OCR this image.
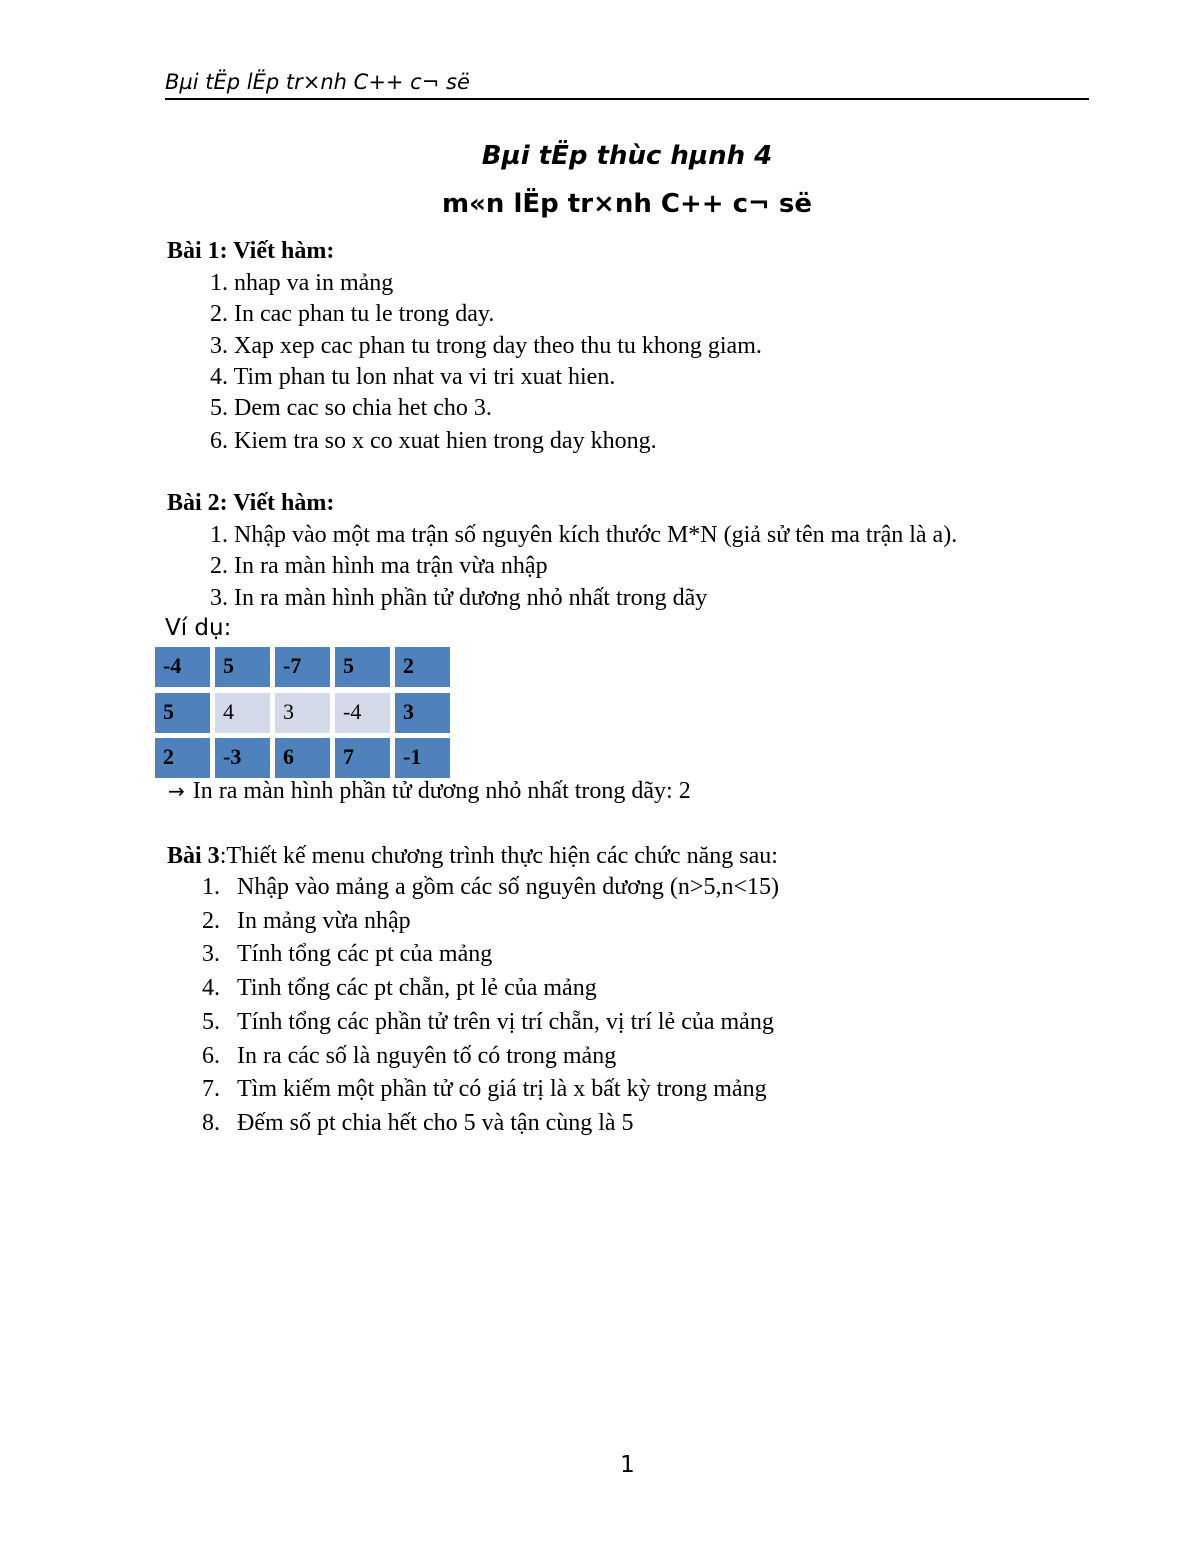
Bµi tËp lËp tr×nh C++ c¬ së
Bµi tËp thùc hµnh 4
m«n lËp tr×nh C++ c¬ së
Bài 1: Viết hàm:
1. nhap va in mảng
2. In cac phan tu le trong day.
3. Xap xep cac phan tu trong day theo thu tu khong giam.
4. Tim phan tu lon nhat va vi tri xuat hien.
5. Dem cac so chia het cho 3.
6. Kiem tra so x co xuat hien trong day khong.
Bài 2: Viết hàm:
1. Nhập vào một ma trận số nguyên kích thước M*N (giả sử tên ma trận là a).
2. In ra màn hình ma trận vừa nhập
3. In ra màn hình phần tử dương nhỏ nhất trong dãy
Ví dụ:
-4	5	-7	5	2
5	4	3	-4	3
2	-3	6	7	-1
→ In ra màn hình phần tử dương nhỏ nhất trong dãy: 2
Bài 3:Thiết kế menu chương trình thực hiện các chức năng sau:
1. Nhập vào mảng a gồm các số nguyên dương (n>5,n<15)
2. In mảng vừa nhập
3. Tính tổng các pt của mảng
4. Tinh tổng các pt chẵn, pt lẻ của mảng
5. Tính tổng các phần tử trên vị trí chẵn, vị trí lẻ của mảng
6. In ra các số là nguyên tố có trong mảng
7. Tìm kiếm một phần tử có giá trị là x bất kỳ trong mảng
8. Đếm số pt chia hết cho 5 và tận cùng là 5
1
